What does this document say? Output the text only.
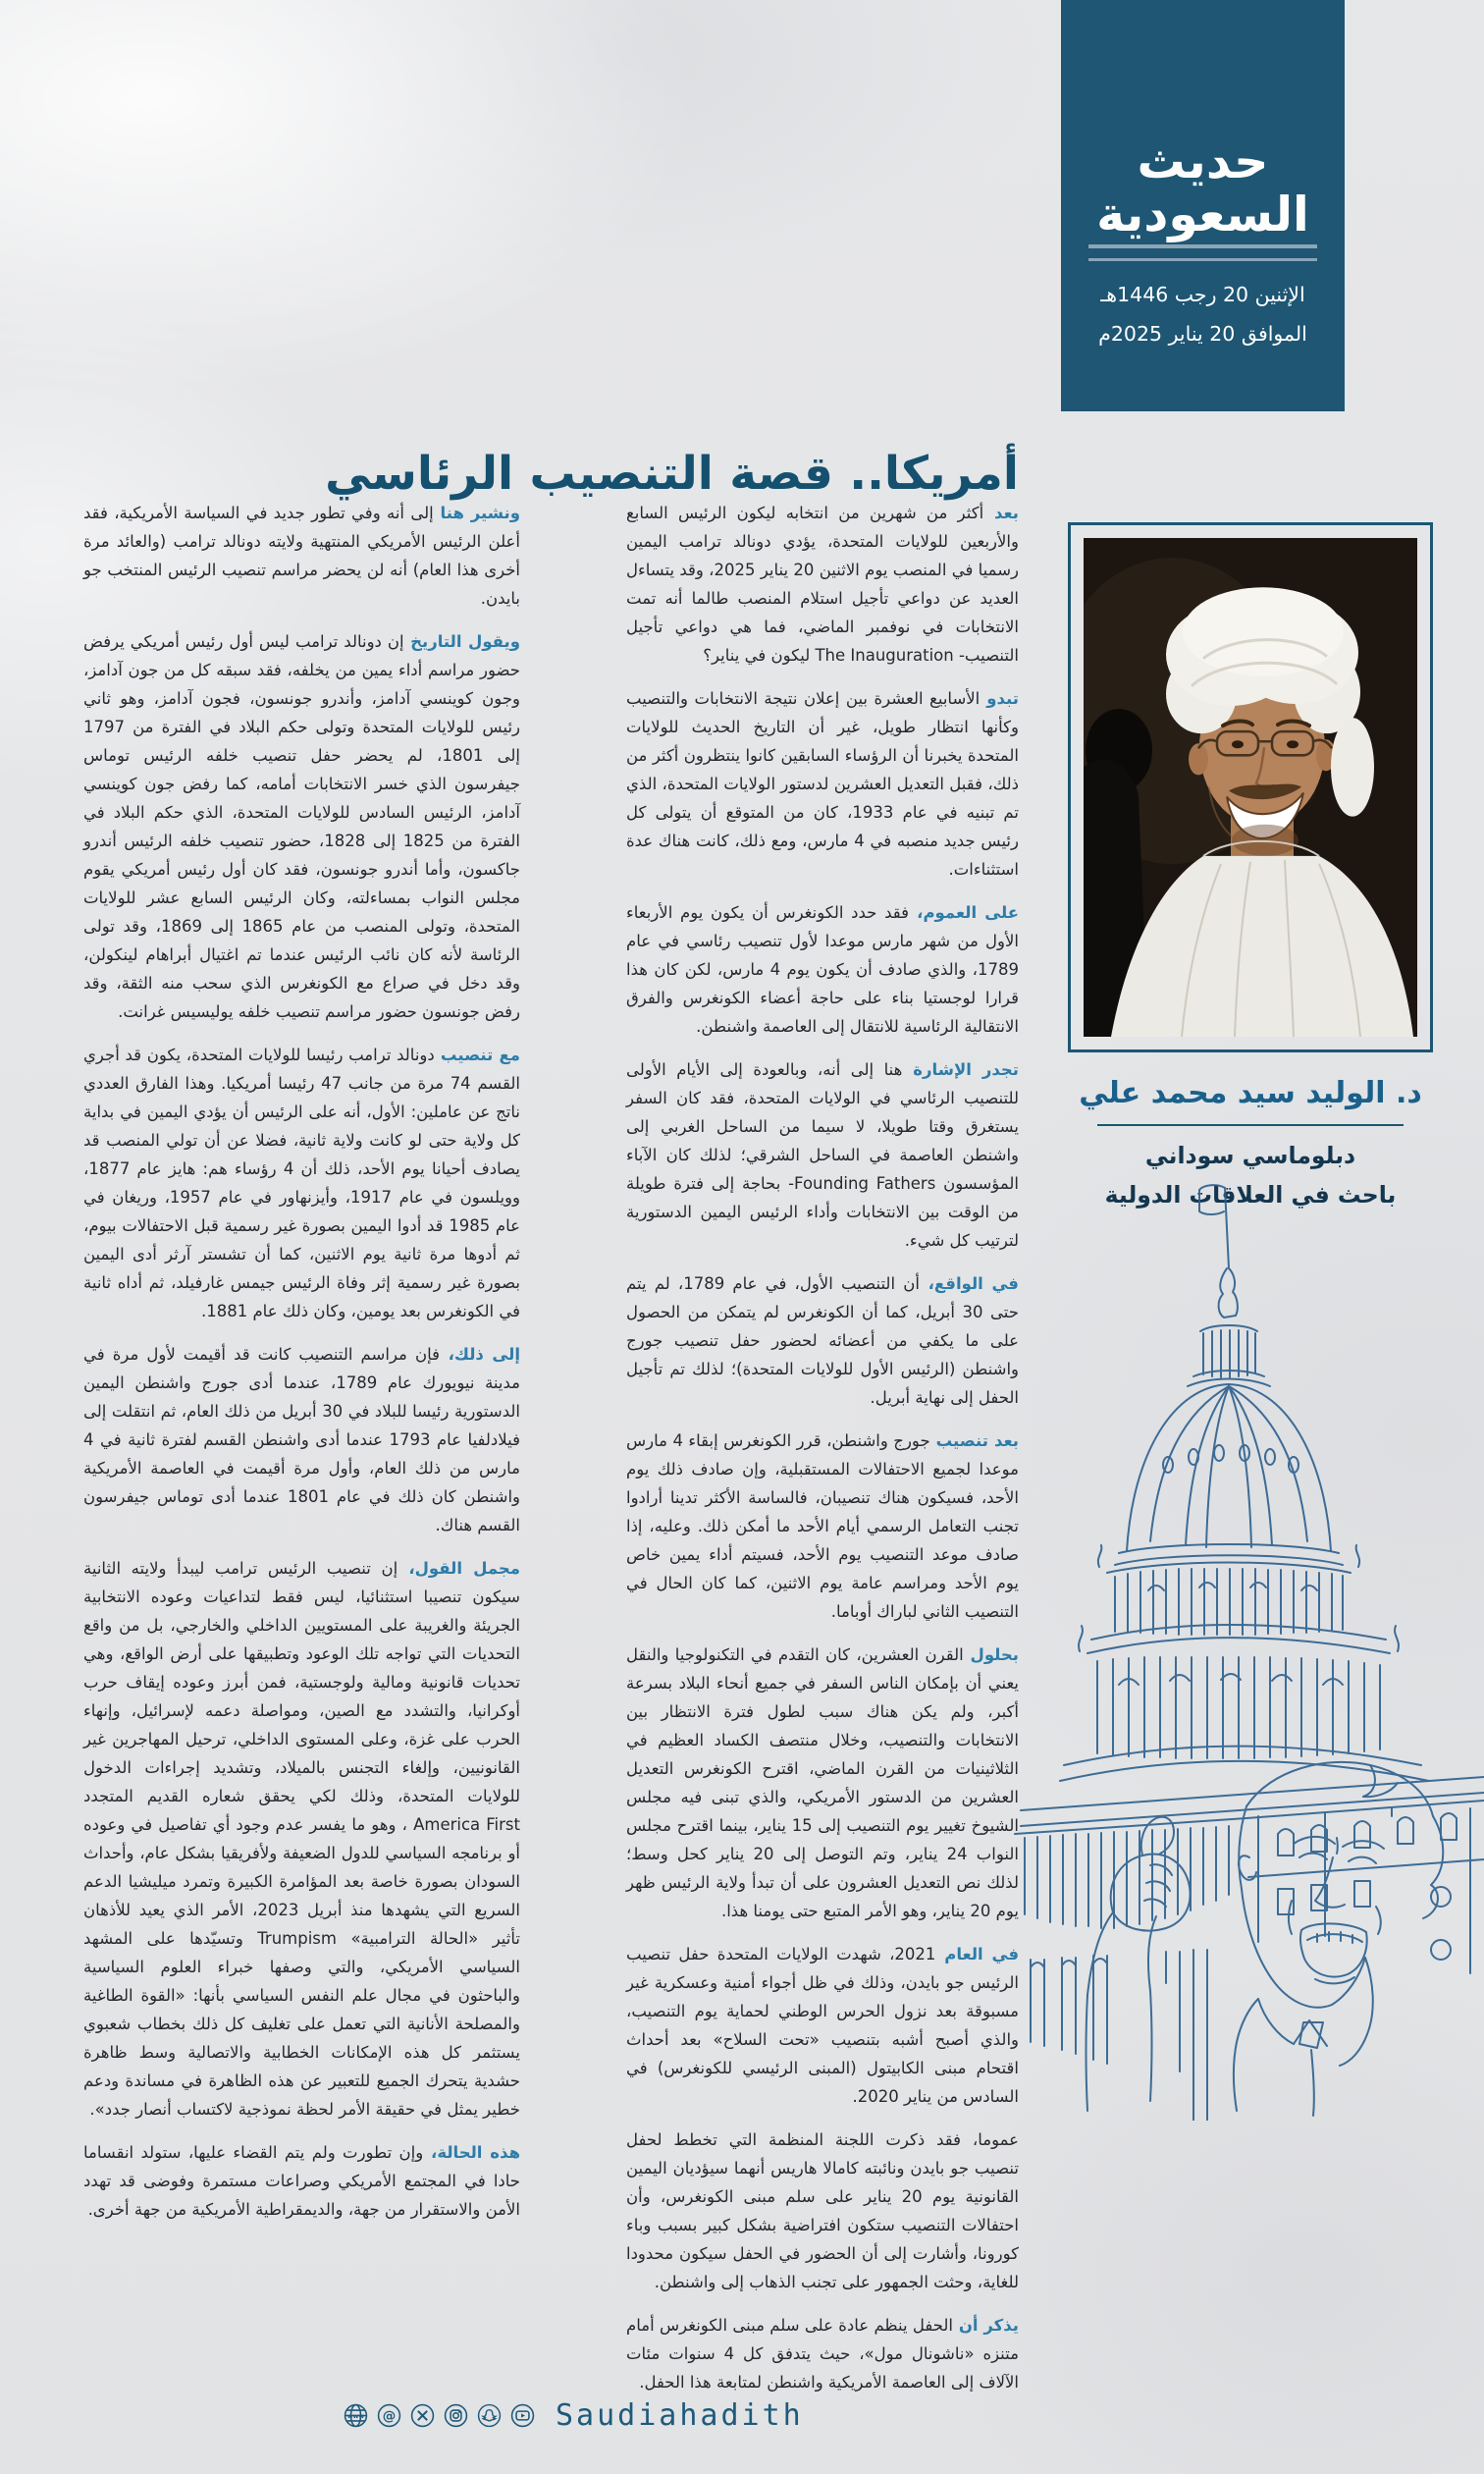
حديث السعودية
الإثنين 20 رجب 1446هـ
الموافق 20 يناير 2025م
أمريكا.. قصة التنصيب الرئاسي

بعد أكثر من شهرين من انتخابه ليكون الرئيس السابع والأربعين للولايات المتحدة، يؤدي دونالد ترامب اليمين رسميا في المنصب يوم الاثنين 20 يناير 2025، وقد يتساءل العديد عن دواعي تأجيل استلام المنصب طالما أنه تمت الانتخابات في نوفمبر الماضي، فما هي دواعي تأجيل التنصيب- The Inauguration ليكون في يناير؟

تبدو الأسابيع العشرة بين إعلان نتيجة الانتخابات والتنصيب وكأنها انتظار طويل، غير أن التاريخ الحديث للولايات المتحدة يخبرنا أن الرؤساء السابقين كانوا ينتظرون أكثر من ذلك، فقبل التعديل العشرين لدستور الولايات المتحدة، الذي تم تبنيه في عام 1933، كان من المتوقع أن يتولى كل رئيس جديد منصبه في 4 مارس، ومع ذلك، كانت هناك عدة استثناءات.

على العموم، فقد حدد الكونغرس أن يكون يوم الأربعاء الأول من شهر مارس موعدا لأول تنصيب رئاسي في عام 1789، والذي صادف أن يكون يوم 4 مارس، لكن كان هذا قرارا لوجستيا بناء على حاجة أعضاء الكونغرس والفرق الانتقالية الرئاسية للانتقال إلى العاصمة واشنطن.

تجدر الإشارة هنا إلى أنه، وبالعودة إلى الأيام الأولى للتنصيب الرئاسي في الولايات المتحدة، فقد كان السفر يستغرق وقتا طويلا، لا سيما من الساحل الغربي إلى واشنطن العاصمة في الساحل الشرقي؛ لذلك كان الآباء المؤسسون Founding Fathers- بحاجة إلى فترة طويلة من الوقت بين الانتخابات وأداء الرئيس اليمين الدستورية لترتيب كل شيء.

في الواقع، أن التنصيب الأول، في عام 1789، لم يتم حتى 30 أبريل، كما أن الكونغرس لم يتمكن من الحصول على ما يكفي من أعضائه لحضور حفل تنصيب جورج واشنطن (الرئيس الأول للولايات المتحدة)؛ لذلك تم تأجيل الحفل إلى نهاية أبريل.

بعد تنصيب جورج واشنطن، قرر الكونغرس إبقاء 4 مارس موعدا لجميع الاحتفالات المستقبلية، وإن صادف ذلك يوم الأحد، فسيكون هناك تنصيبان، فالساسة الأكثر تدينا أرادوا تجنب التعامل الرسمي أيام الأحد ما أمكن ذلك. وعليه، إذا صادف موعد التنصيب يوم الأحد، فسيتم أداء يمين خاص يوم الأحد ومراسم عامة يوم الاثنين، كما كان الحال في التنصيب الثاني لباراك أوباما.

بحلول القرن العشرين، كان التقدم في التكنولوجيا والنقل يعني أن بإمكان الناس السفر في جميع أنحاء البلاد بسرعة أكبر، ولم يكن هناك سبب لطول فترة الانتظار بين الانتخابات والتنصيب، وخلال منتصف الكساد العظيم في الثلاثينيات من القرن الماضي، اقترح الكونغرس التعديل العشرين من الدستور الأمريكي، والذي تبنى فيه مجلس الشيوخ تغيير يوم التنصيب إلى 15 يناير، بينما اقترح مجلس النواب 24 يناير، وتم التوصل إلى 20 يناير كحل وسط؛ لذلك نص التعديل العشرون على أن تبدأ ولاية الرئيس ظهر يوم 20 يناير، وهو الأمر المتبع حتى يومنا هذا.

في العام 2021، شهدت الولايات المتحدة حفل تنصيب الرئيس جو بايدن، وذلك في ظل أجواء أمنية وعسكرية غير مسبوقة بعد نزول الحرس الوطني لحماية يوم التنصيب، والذي أصبح أشبه بتنصيب «تحت السلاح» بعد أحداث اقتحام مبنى الكابيتول (المبنى الرئيسي للكونغرس) في السادس من يناير 2020.

عموما، فقد ذكرت اللجنة المنظمة التي تخطط لحفل تنصيب جو بايدن ونائبته كامالا هاريس أنهما سيؤديان اليمين القانونية يوم 20 يناير على سلم مبنى الكونغرس، وأن احتفالات التنصيب ستكون افتراضية بشكل كبير بسبب وباء كورونا، وأشارت إلى أن الحضور في الحفل سيكون محدودا للغاية، وحثت الجمهور على تجنب الذهاب إلى واشنطن.

يذكر أن الحفل ينظم عادة على سلم مبنى الكونغرس أمام متنزه «ناشونال مول»، حيث يتدفق كل 4 سنوات مئات الآلاف إلى العاصمة الأمريكية واشنطن لمتابعة هذا الحفل.

ونشير هنا إلى أنه وفي تطور جديد في السياسة الأمريكية، فقد أعلن الرئيس الأمريكي المنتهية ولايته دونالد ترامب (والعائد مرة أخرى هذا العام) أنه لن يحضر مراسم تنصيب الرئيس المنتخب جو بايدن.

ويقول التاريخ إن دونالد ترامب ليس أول رئيس أمريكي يرفض حضور مراسم أداء يمين من يخلفه، فقد سبقه كل من جون آدامز، وجون كوينسي آدامز، وأندرو جونسون، فجون آدامز، وهو ثاني رئيس للولايات المتحدة وتولى حكم البلاد في الفترة من 1797 إلى 1801، لم يحضر حفل تنصيب خلفه الرئيس توماس جيفرسون الذي خسر الانتخابات أمامه، كما رفض جون كوينسي آدامز، الرئيس السادس للولايات المتحدة، الذي حكم البلاد في الفترة من 1825 إلى 1828، حضور تنصيب خلفه الرئيس أندرو جاكسون، وأما أندرو جونسون، فقد كان أول رئيس أمريكي يقوم مجلس النواب بمساءلته، وكان الرئيس السابع عشر للولايات المتحدة، وتولى المنصب من عام 1865 إلى 1869، وقد تولى الرئاسة لأنه كان نائب الرئيس عندما تم اغتيال أبراهام لينكولن، وقد دخل في صراع مع الكونغرس الذي سحب منه الثقة، وقد رفض جونسون حضور مراسم تنصيب خلفه يوليسيس غرانت.

مع تنصيب دونالد ترامب رئيسا للولايات المتحدة، يكون قد أجري القسم 74 مرة من جانب 47 رئيسا أمريكيا. وهذا الفارق العددي ناتج عن عاملين: الأول، أنه على الرئيس أن يؤدي اليمين في بداية كل ولاية حتى لو كانت ولاية ثانية، فضلا عن أن تولي المنصب قد يصادف أحيانا يوم الأحد، ذلك أن 4 رؤساء هم: هايز عام 1877، وويلسون في عام 1917، وأيزنهاور في عام 1957، وريغان في عام 1985 قد أدوا اليمين بصورة غير رسمية قبل الاحتفالات بيوم، ثم أدوها مرة ثانية يوم الاثنين، كما أن تشستر آرثر أدى اليمين بصورة غير رسمية إثر وفاة الرئيس جيمس غارفيلد، ثم أداه ثانية في الكونغرس بعد يومين، وكان ذلك عام 1881.

إلى ذلك، فإن مراسم التنصيب كانت قد أقيمت لأول مرة في مدينة نيويورك عام 1789، عندما أدى جورج واشنطن اليمين الدستورية رئيسا للبلاد في 30 أبريل من ذلك العام، ثم انتقلت إلى فيلادلفيا عام 1793 عندما أدى واشنطن القسم لفترة ثانية في 4 مارس من ذلك العام، وأول مرة أقيمت في العاصمة الأمريكية واشنطن كان ذلك في عام 1801 عندما أدى توماس جيفرسون القسم هناك.

مجمل القول، إن تنصيب الرئيس ترامب ليبدأ ولايته الثانية سيكون تنصيبا استثنائيا، ليس فقط لتداعيات وعوده الانتخابية الجريئة والغريبة على المستويين الداخلي والخارجي، بل من واقع التحديات التي تواجه تلك الوعود وتطبيقها على أرض الواقع، وهي تحديات قانونية ومالية ولوجستية، فمن أبرز وعوده إيقاف حرب أوكرانيا، والتشدد مع الصين، ومواصلة دعمه لإسرائيل، وإنهاء الحرب على غزة، وعلى المستوى الداخلي، ترحيل المهاجرين غير القانونيين، وإلغاء التجنس بالميلاد، وتشديد إجراءات الدخول للولايات المتحدة، وذلك لكي يحقق شعاره القديم المتجدد America First ، وهو ما يفسر عدم وجود أي تفاصيل في وعوده أو برنامجه السياسي للدول الضعيفة ولأفريقيا بشكل عام، وأحداث السودان بصورة خاصة بعد المؤامرة الكبيرة وتمرد ميليشيا الدعم السريع التي يشهدها منذ أبريل 2023، الأمر الذي يعيد للأذهان تأثير «الحالة الترامبية» Trumpism وتسيّدها على المشهد السياسي الأمريكي، والتي وصفها خبراء العلوم السياسية والباحثون في مجال علم النفس السياسي بأنها: «القوة الطاغية والمصلحة الأنانية التي تعمل على تغليف كل ذلك بخطاب شعبوي يستثمر كل هذه الإمكانات الخطابية والاتصالية وسط ظاهرة حشدية يتحرك الجميع للتعبير عن هذه الظاهرة في مساندة ودعم خطير يمثل في حقيقة الأمر لحظة نموذجية لاكتساب أنصار جدد».

هذه الحالة، وإن تطورت ولم يتم القضاء عليها، ستولد انقساما حادا في المجتمع الأمريكي وصراعات مستمرة وفوضى قد تهدد الأمن والاستقرار من جهة، والديمقراطية الأمريكية من جهة أخرى.

د. الوليد سيد محمد علي
دبلوماسي سوداني
باحث في العلاقات الدولية
www @	Saudiahadith
